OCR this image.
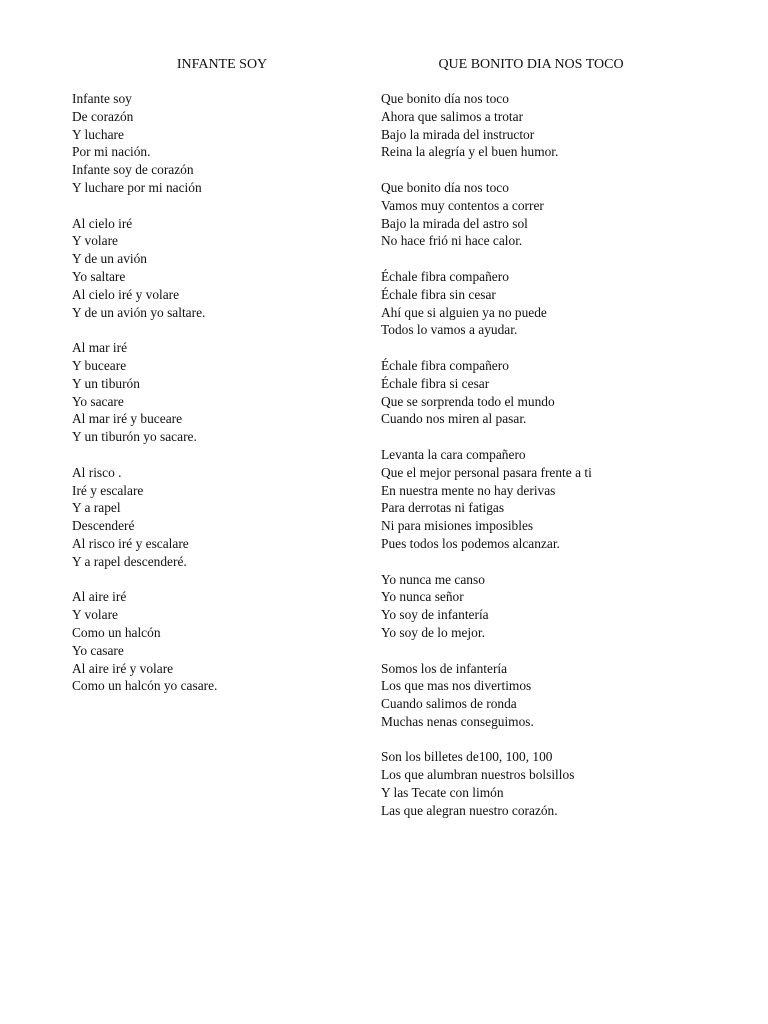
INFANTE SOY
Infante soy
De corazón
Y luchare
Por mi nación.
Infante soy de corazón
Y luchare por mi nación
Al cielo iré
Y volare
Y de un avión
Yo saltare
Al cielo iré y volare
Y de un avión yo saltare.
Al mar iré
Y buceare
Y un tiburón
Yo sacare
Al mar iré y buceare
Y un tiburón yo sacare.
Al risco .
Iré y escalare
Y a rapel
Descenderé
Al risco iré y escalare
Y a rapel descenderé.
Al aire iré
Y volare
Como un halcón
Yo casare
Al aire iré y volare
Como un halcón yo casare.
QUE BONITO DIA NOS TOCO
Que bonito día nos toco
Ahora que salimos a trotar
Bajo la mirada del instructor
Reina la alegría y el buen humor.
Que bonito día nos toco
Vamos muy contentos a correr
Bajo la mirada del astro sol
No hace frió ni hace calor.
Échale fibra compañero
Échale fibra sin cesar
Ahí que si alguien ya no puede
Todos lo vamos a ayudar.
Échale fibra compañero
Échale fibra si cesar
Que se sorprenda todo el mundo
Cuando nos miren al pasar.
Levanta la cara compañero
Que el mejor personal pasara frente a ti
En nuestra mente no hay derivas
Para derrotas ni fatigas
Ni para misiones imposibles
Pues todos los podemos alcanzar.
Yo nunca me canso
Yo nunca señor
Yo soy de infantería
Yo soy de lo mejor.
Somos los de infantería
Los que mas nos divertimos
Cuando salimos de ronda
Muchas nenas conseguimos.
Son los billetes de100, 100, 100
Los que alumbran nuestros bolsillos
Y las Tecate con limón
Las que alegran nuestro corazón.
